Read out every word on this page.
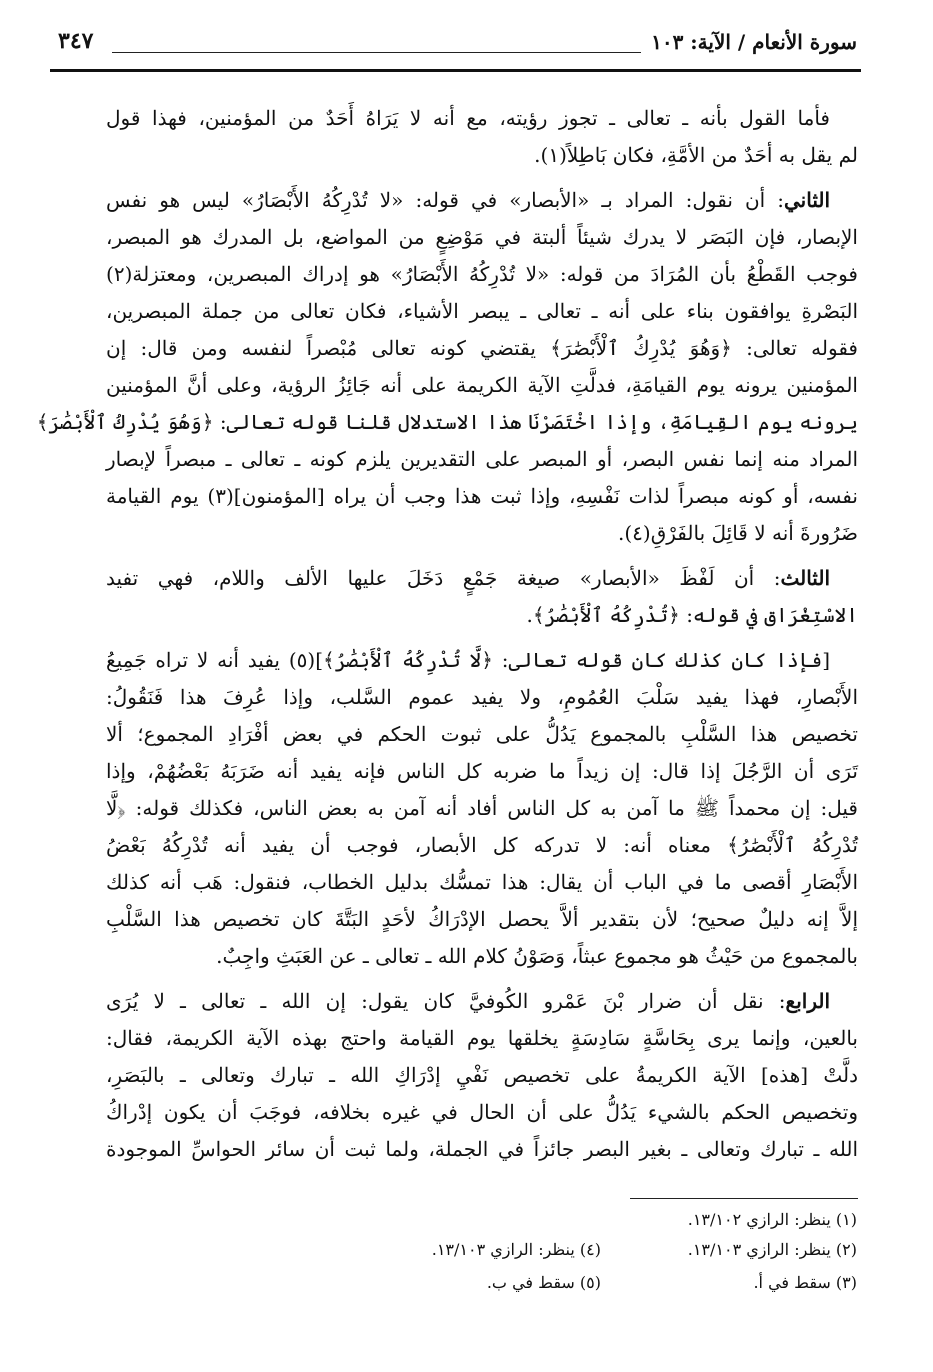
سورة الأنعام / الآية: ١٠٣
٣٤٧
فأما القول بأنه ـ تعالى ـ تجوز رؤيته، مع أنه لا يَرَاهُ أَحَدٌ من المؤمنين، فهذا قول
لم يقل به أحَدٌ من الأمَّةِ، فكان بَاطِلاً(١).
الثاني: أن نقول: المراد بـ «الأبصار» في قوله: «لا تُدْرِكُهُ الأَبْصَارُ» ليس هو نفس
الإبصار، فإن البَصَر لا يدرك شيئاً ألبتة في مَوْضِعٍ من المواضع، بل المدرك هو المبصر،
فوجب القَطْعُ بأن المُرَادَ من قوله: «لا تُدْرِكُهُ الأَبْصَارُ» هو إدراك المبصرين، ومعتزلة(٢)
البَصْرةِ يوافقون بناء على أنه ـ تعالى ـ يبصر الأشياء، فكان تعالى من جملة المبصرين،
فقوله تعالى: ﴿وَهُوَ يُدْرِكُ ٱلْأَبْصَٰرَ﴾ يقتضي كونه تعالى مُبْصراً لنفسه ومن قال: إن
المؤمنين يرونه يوم القيامَةِ، فدلَّتِ الآية الكريمة على أنه جَائِزُ الرؤية، وعلى أنَّ المؤمنين
يرونه يوم القِيامَةِ، وإذا اخْتَصَرْنَا هذا الاستدلال قلنا قوله تعالى: ﴿وَهُوَ يُدْرِكُ ٱلْأَبْصَٰرَ﴾
المراد منه إنما نفس البصر، أو المبصر على التقديرين يلزم كونه ـ تعالى ـ مبصراً لإبصار
نفسه، أو كونه مبصراً لذات نَفْسِهِ، وإذا ثبت هذا وجب أن يراه [المؤمنون](٣) يوم القيامة
ضَرُورةَ أنه لا قَائِلَ بالفَرْقِ(٤).
الثالث: أن لَفْظَ «الأبصار» صيغة جَمْعٍ دَخَلَ عليها الألف واللام، فهي تفيد
الاسْتِغْرَاق في قوله: ﴿تُدْرِكُهُ ٱلْأَبْصَٰرُ﴾.
[فإذا كان كذلك كان قوله تعالى: ﴿لَّا تُدْرِكُهُ ٱلْأَبْصَٰرُ﴾](٥) يفيد أنه لا تراه جَمِيعُ
الأَبْصارِ، فهذا يفيد سَلْبَ العُمُومِ، ولا يفيد عموم السَّلب، وإذا عُرِفَ هذا فَنَقُولُ:
تخصيص هذا السَّلْبِ بالمجموع يَدُلُّ على ثبوت الحكم في بعض أفْرَادِ المجموع؛ ألا
تَرَى أن الرَّجُلَ إذا قال: إن زيداً ما ضربه كل الناس فإنه يفيد أنه ضَرَبَهُ بَعْضُهُمْ، وإذا
قيل: إن محمداً ﷺ ما آمن به كل الناس أفاد أنه آمن به بعض الناس، فكذلك قوله: ﴿لَّا
تُدْرِكُهُ ٱلْأَبْصَٰرُ﴾ معناه أنه: لا تدركه كل الأبصار، فوجب أن يفيد أنه تُدْرِكُهُ بَعْضُ
الأَبْصَارِ أقصى ما في الباب أن يقال: هذا تمسُّك بدليل الخطاب، فنقول: هَب أنه كذلك
إلاَّ إنه دليلٌ صحيح؛ لأن بتقدير ألاَّ يحصل الإدْرَاكُ لأحَدٍ البَتَّةَ كان تخصيص هذا السَّلْبِ
بالمجموع من حَيْثُ هو مجموع عبثاً، وَصَوْنُ كلام الله ـ تعالى ـ عن العَبَثِ واجِبٌ.
الرابع: نقل أن ضرار بْنَ عَمْرو الكُوفيَّ كان يقول: إن الله ـ تعالى ـ لا يُرَى
بالعين، وإنما يرى بِحَاسَّةٍ سَادِسَةٍ يخلقها يوم القيامة واحتج بهذه الآية الكريمة، فقال:
دلَّتْ [هذه] الآية الكريمةُ على تخصيص نَفْيِ إدْرَاكِ الله ـ تبارك وتعالى ـ بالبَصَرِ،
وتخصيص الحكم بالشيء يَدُلُّ على أن الحال في غيره بخلافه، فوجَبَ أن يكون إدْراكُ
الله ـ تبارك وتعالى ـ بغير البصر جائزاً في الجملة، ولما ثبت أن سائر الحواسِّ الموجودة
(١) ينظر: الرازي ١٣/١٠٢.
(٢) ينظر: الرازي ١٣/١٠٣.
(٣) سقط في أ.
(٤) ينظر: الرازي ١٣/١٠٣.
(٥) سقط في ب.
